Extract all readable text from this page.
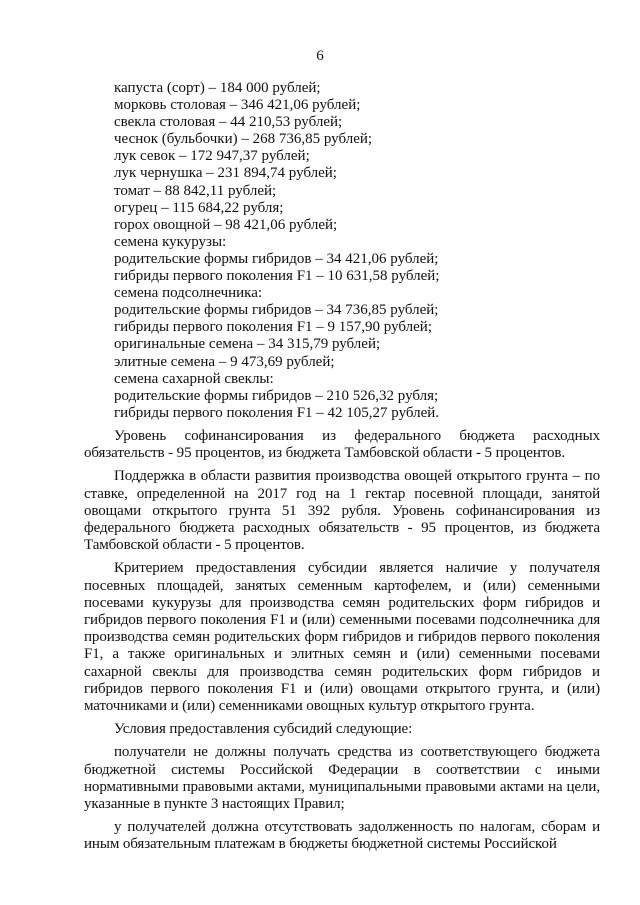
6
капуста (сорт) – 184 000 рублей;
морковь столовая – 346 421,06 рублей;
свекла столовая – 44 210,53 рублей;
чеснок (бульбочки) – 268 736,85 рублей;
лук севок – 172 947,37 рублей;
лук чернушка – 231 894,74 рублей;
томат – 88 842,11 рублей;
огурец – 115 684,22 рубля;
горох овощной – 98 421,06 рублей;
семена кукурузы:
родительские формы гибридов – 34 421,06 рублей;
гибриды первого поколения F1 – 10 631,58 рублей;
семена подсолнечника:
родительские формы гибридов – 34 736,85 рублей;
гибриды первого поколения F1 – 9 157,90 рублей;
оригинальные семена – 34 315,79 рублей;
элитные семена – 9 473,69 рублей;
семена сахарной свеклы:
родительские формы гибридов – 210 526,32 рубля;
гибриды первого поколения F1 – 42 105,27 рублей.

Уровень софинансирования из федерального бюджета расходных обязательств - 95 процентов, из бюджета Тамбовской области - 5 процентов.

Поддержка в области развития производства овощей открытого грунта – по ставке, определенной на 2017 год на 1 гектар посевной площади, занятой овощами открытого грунта 51 392 рубля. Уровень софинансирования из федерального бюджета расходных обязательств - 95 процентов, из бюджета Тамбовской области - 5 процентов.

Критерием предоставления субсидии является наличие у получателя посевных площадей, занятых семенным картофелем, и (или) семенными посевами кукурузы для производства семян родительских форм гибридов и гибридов первого поколения F1 и (или) семенными посевами подсолнечника для производства семян родительских форм гибридов и гибридов первого поколения F1, а также оригинальных и элитных семян и (или) семенными посевами сахарной свеклы для производства семян родительских форм гибридов и гибридов первого поколения F1 и (или) овощами открытого грунта, и (или) маточниками и (или) семенниками овощных культур открытого грунта.

Условия предоставления субсидий следующие:

получатели не должны получать средства из соответствующего бюджета бюджетной системы Российской Федерации в соответствии с иными нормативными правовыми актами, муниципальными правовыми актами на цели, указанные в пункте 3 настоящих Правил;

у получателей должна отсутствовать задолженность по налогам, сборам и иным обязательным платежам в бюджеты бюджетной системы Российской
